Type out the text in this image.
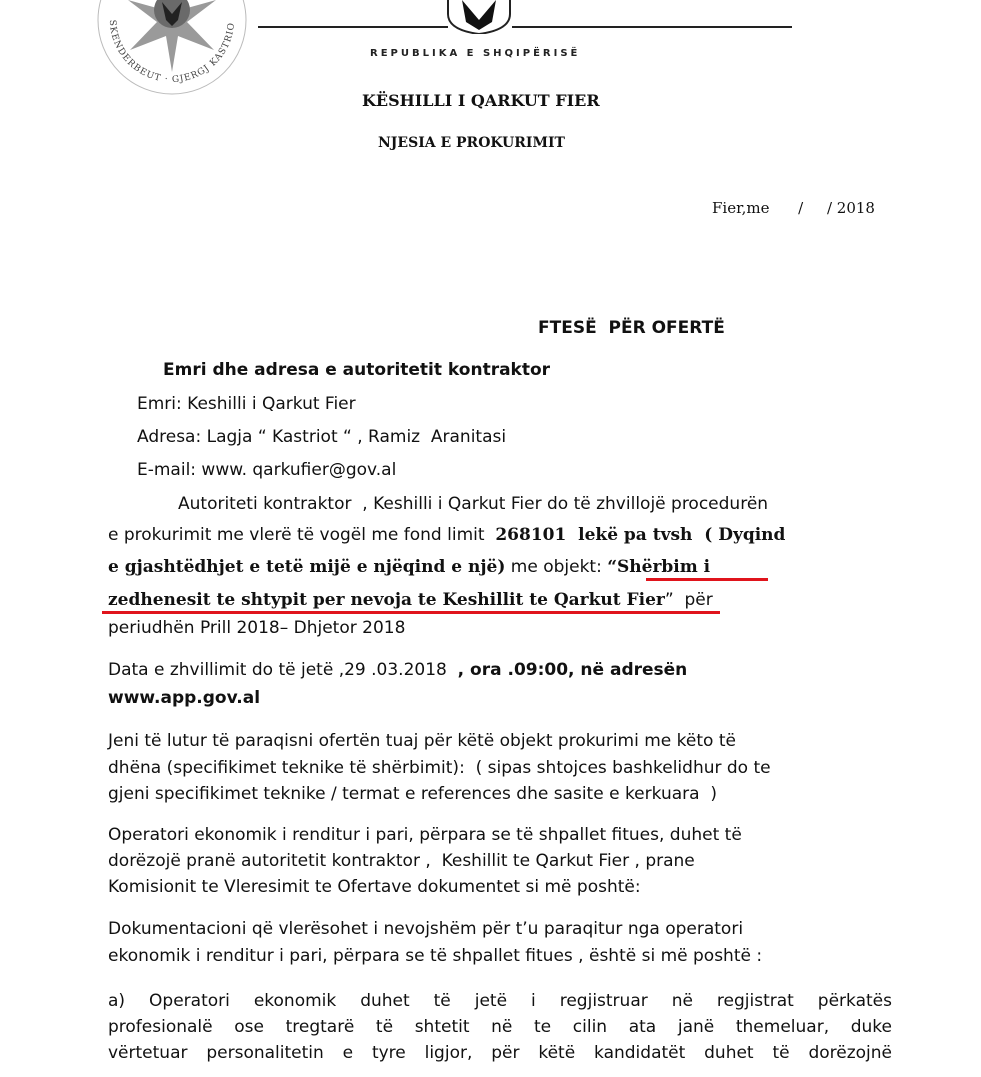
SKENDERBEUT · GJERGJ KASTRIO
REPUBLIKA E SHQIPËRISË
KËSHILLI I QARKUT FIER
NJESIA E PROKURIMIT
Fier,me      /     / 2018
FTESË  PËR OFERTË
Emri dhe adresa e autoritetit kontraktor
Emri: Keshilli i Qarkut Fier
Adresa: Lagja “ Kastriot “ , Ramiz  Aranitasi
E-mail: www. qarkufier@gov.al
Autoriteti kontraktor  , Keshilli i Qarkut Fier do të zhvillojë procedurën
e prokurimit me vlerë të vogël me fond limit  268101  lekë pa tvsh  ( Dyqind
e gjashtëdhjet e tetë mijë e njëqind e një) me objekt: “Shërbim i
zedhenesit te shtypit per nevoja te Keshillit te Qarkut Fier”  për
periudhën Prill 2018– Dhjetor 2018
Data e zhvillimit do të jetë ,29 .03.2018  , ora .09:00, në adresën
www.app.gov.al
Jeni të lutur të paraqisni ofertën tuaj për këtë objekt prokurimi me këto të
dhëna (specifikimet teknike të shërbimit):  ( sipas shtojces bashkelidhur do te
gjeni specifikimet teknike / termat e references dhe sasite e kerkuara  )
Operatori ekonomik i renditur i pari, përpara se të shpallet fitues, duhet të
dorëzojë pranë autoritetit kontraktor ,  Keshillit te Qarkut Fier , prane
Komisionit te Vleresimit te Ofertave dokumentet si më poshtë:
Dokumentacioni që vlerësohet i nevojshëm për t’u paraqitur nga operatori
ekonomik i renditur i pari, përpara se të shpallet fitues , është si më poshtë :
a) Operatori ekonomik duhet të jetë i regjistruar në regjistrat përkatës
profesionalë ose tregtarë të shtetit në te cilin ata janë themeluar, duke
vërtetuar personalitetin e tyre ligjor, për këtë kandidatët duhet të dorëzojnë
